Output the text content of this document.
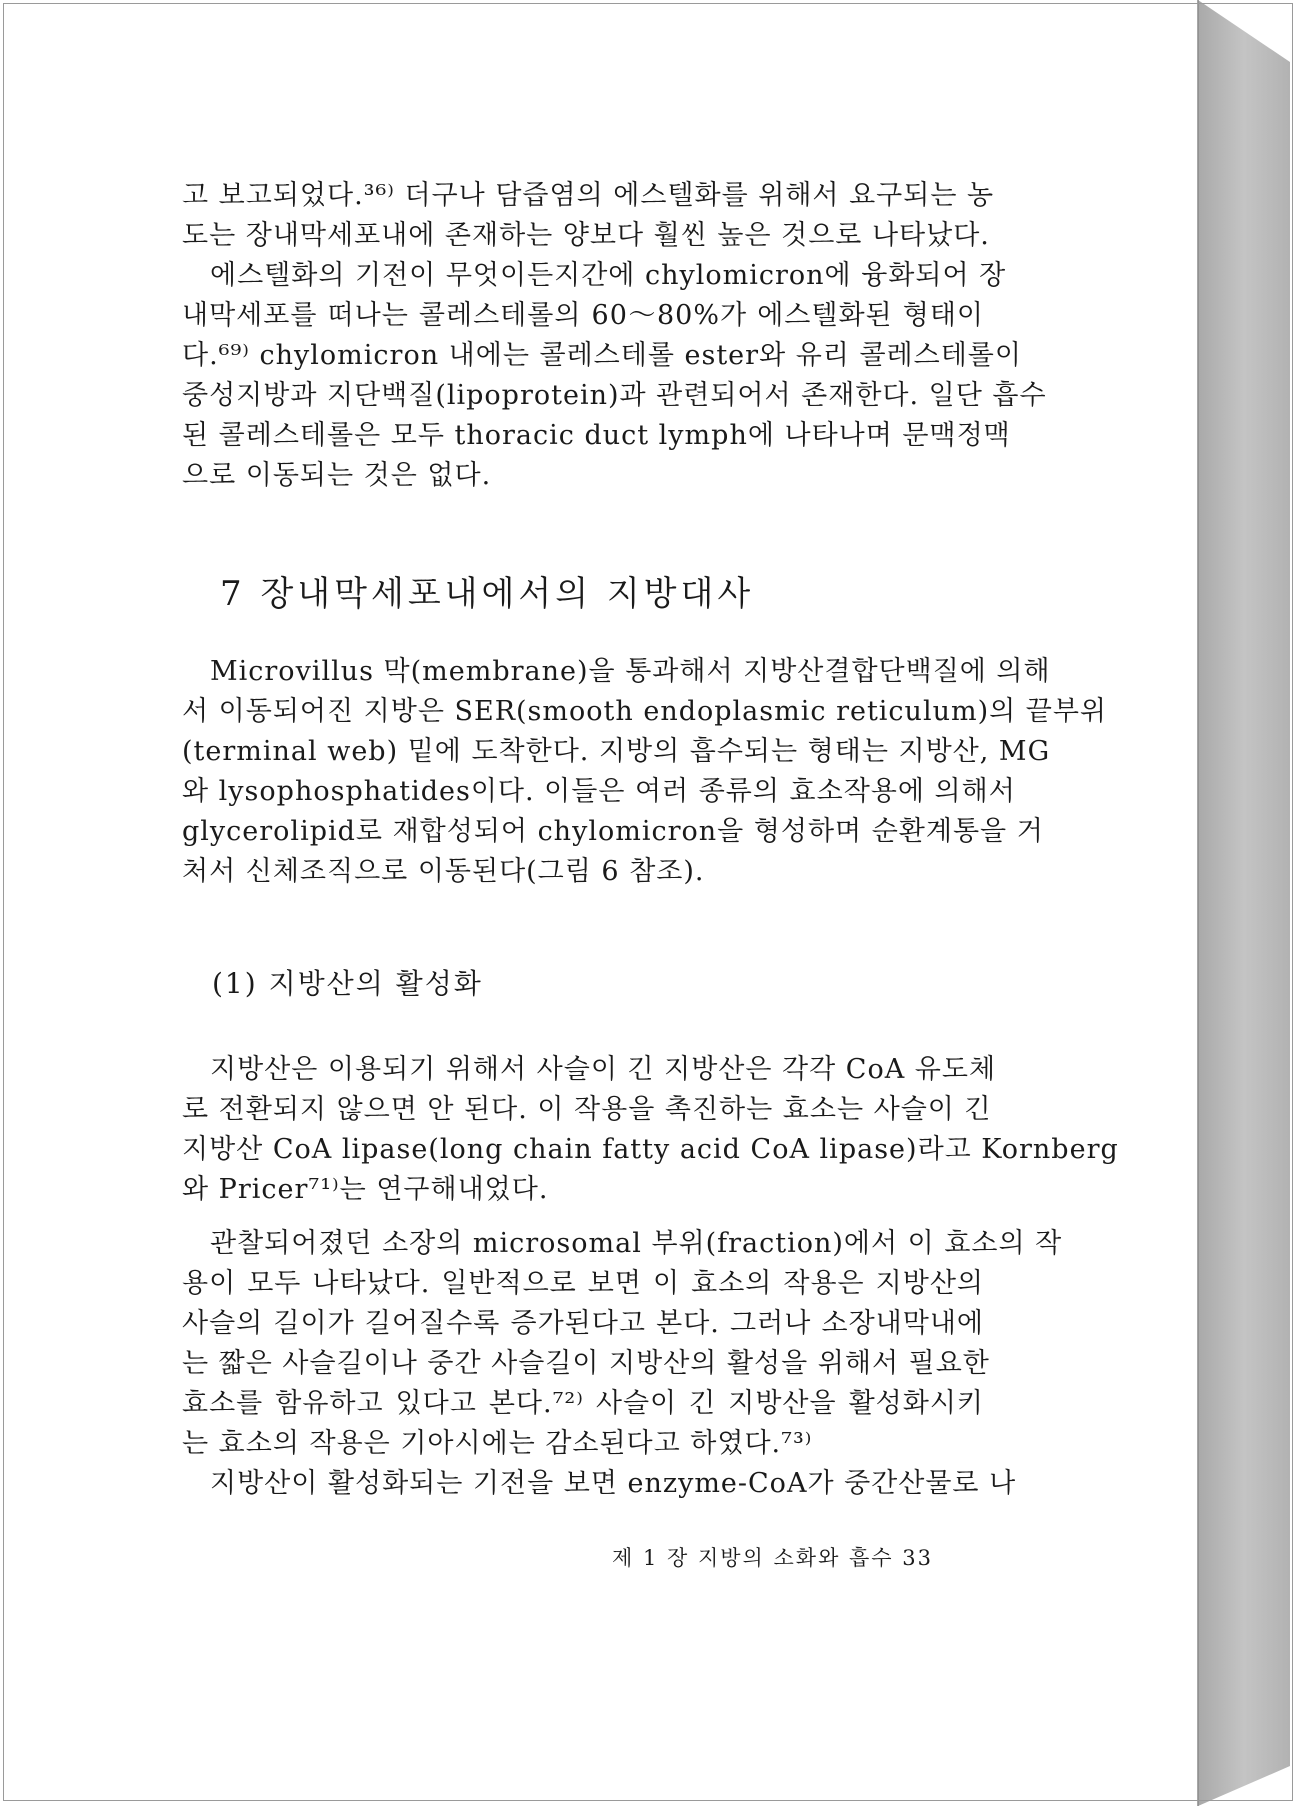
고 보고되었다.³⁶⁾ 더구나 담즙염의 에스텔화를 위해서 요구되는 농
도는 장내막세포내에 존재하는 양보다 훨씬 높은 것으로 나타났다.
에스텔화의 기전이 무엇이든지간에 chylomicron에 융화되어 장
내막세포를 떠나는 콜레스테롤의 60～80%가 에스텔화된 형태이
다.⁶⁹⁾ chylomicron 내에는 콜레스테롤 ester와 유리 콜레스테롤이
중성지방과 지단백질(lipoprotein)과 관련되어서 존재한다. 일단 흡수
된 콜레스테롤은 모두 thoracic duct lymph에 나타나며 문맥정맥
으로 이동되는 것은 없다.
7 장내막세포내에서의 지방대사
Microvillus 막(membrane)을 통과해서 지방산결합단백질에 의해
서 이동되어진 지방은 SER(smooth endoplasmic reticulum)의 끝부위
(terminal web) 밑에 도착한다. 지방의 흡수되는 형태는 지방산, MG
와 lysophosphatides이다. 이들은 여러 종류의 효소작용에 의해서
glycerolipid로 재합성되어 chylomicron을 형성하며 순환계통을 거
처서 신체조직으로 이동된다(그림 6 참조).
(1) 지방산의 활성화
지방산은 이용되기 위해서 사슬이 긴 지방산은 각각 CoA 유도체
로 전환되지 않으면 안 된다. 이 작용을 촉진하는 효소는 사슬이 긴
지방산 CoA lipase(long chain fatty acid CoA lipase)라고 Kornberg
와 Pricer⁷¹⁾는 연구해내었다.
관찰되어졌던 소장의 microsomal 부위(fraction)에서 이 효소의 작
용이 모두 나타났다. 일반적으로 보면 이 효소의 작용은 지방산의
사슬의 길이가 길어질수록 증가된다고 본다. 그러나 소장내막내에
는 짧은 사슬길이나 중간 사슬길이 지방산의 활성을 위해서 필요한
효소를 함유하고 있다고 본다.⁷²⁾ 사슬이 긴 지방산을 활성화시키
는 효소의 작용은 기아시에는 감소된다고 하였다.⁷³⁾
지방산이 활성화되는 기전을 보면 enzyme-CoA가 중간산물로 나
제 1 장 지방의 소화와 흡수 33
